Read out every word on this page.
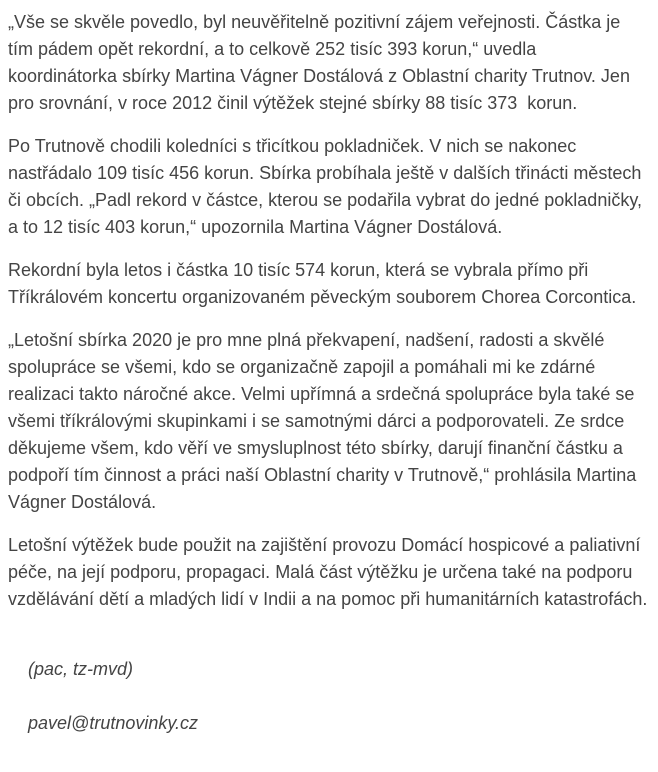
„Vše se skvěle povedlo, byl neuvěřitelně pozitivní zájem veřejnosti. Částka je tím pádem opět rekordní, a to celkově 252 tisíc 393 korun,“ uvedla koordinátorka sbírky Martina Vágner Dostálová z Oblastní charity Trutnov. Jen pro srovnání, v roce 2012 činil výtěžek stejné sbírky 88 tisíc 373  korun.

Po Trutnově chodili koledníci s třicítkou pokladniček. V nich se nakonec nastřádalo 109 tisíc 456 korun. Sbírka probíhala ještě v dalších třinácti městech či obcích. „Padl rekord v částce, kterou se podařila vybrat do jedné pokladničky, a to 12 tisíc 403 korun,“ upozornila Martina Vágner Dostálová.

Rekordní byla letos i částka 10 tisíc 574 korun, která se vybrala přímo při Tříkrálovém koncertu organizovaném pěveckým souborem Chorea Corcontica.

„Letošní sbírka 2020 je pro mne plná překvapení, nadšení, radosti a skvělé spolupráce se všemi, kdo se organizačně zapojil a pomáhali mi ke zdárné realizaci takto náročné akce. Velmi upřímná a srdečná spolupráce byla také se všemi tříkrálovými skupinkami i se samotnými dárci a podporovateli. Ze srdce děkujeme všem, kdo věří ve smysluplnost této sbírky, darují finanční částku a podpoří tím činnost a práci naší Oblastní charity v Trutnově,“ prohlásila Martina Vágner Dostálová.

Letošní výtěžek bude použit na zajištění provozu Domácí hospicové a paliativní péče, na její podporu, propagaci. Malá část výtěžku je určena také na podporu vzdělávání dětí a mladých lidí v Indii a na pomoc při humanitárních katastrofách.

(pac, tz-mvd)

pavel@trutnovinky.cz
